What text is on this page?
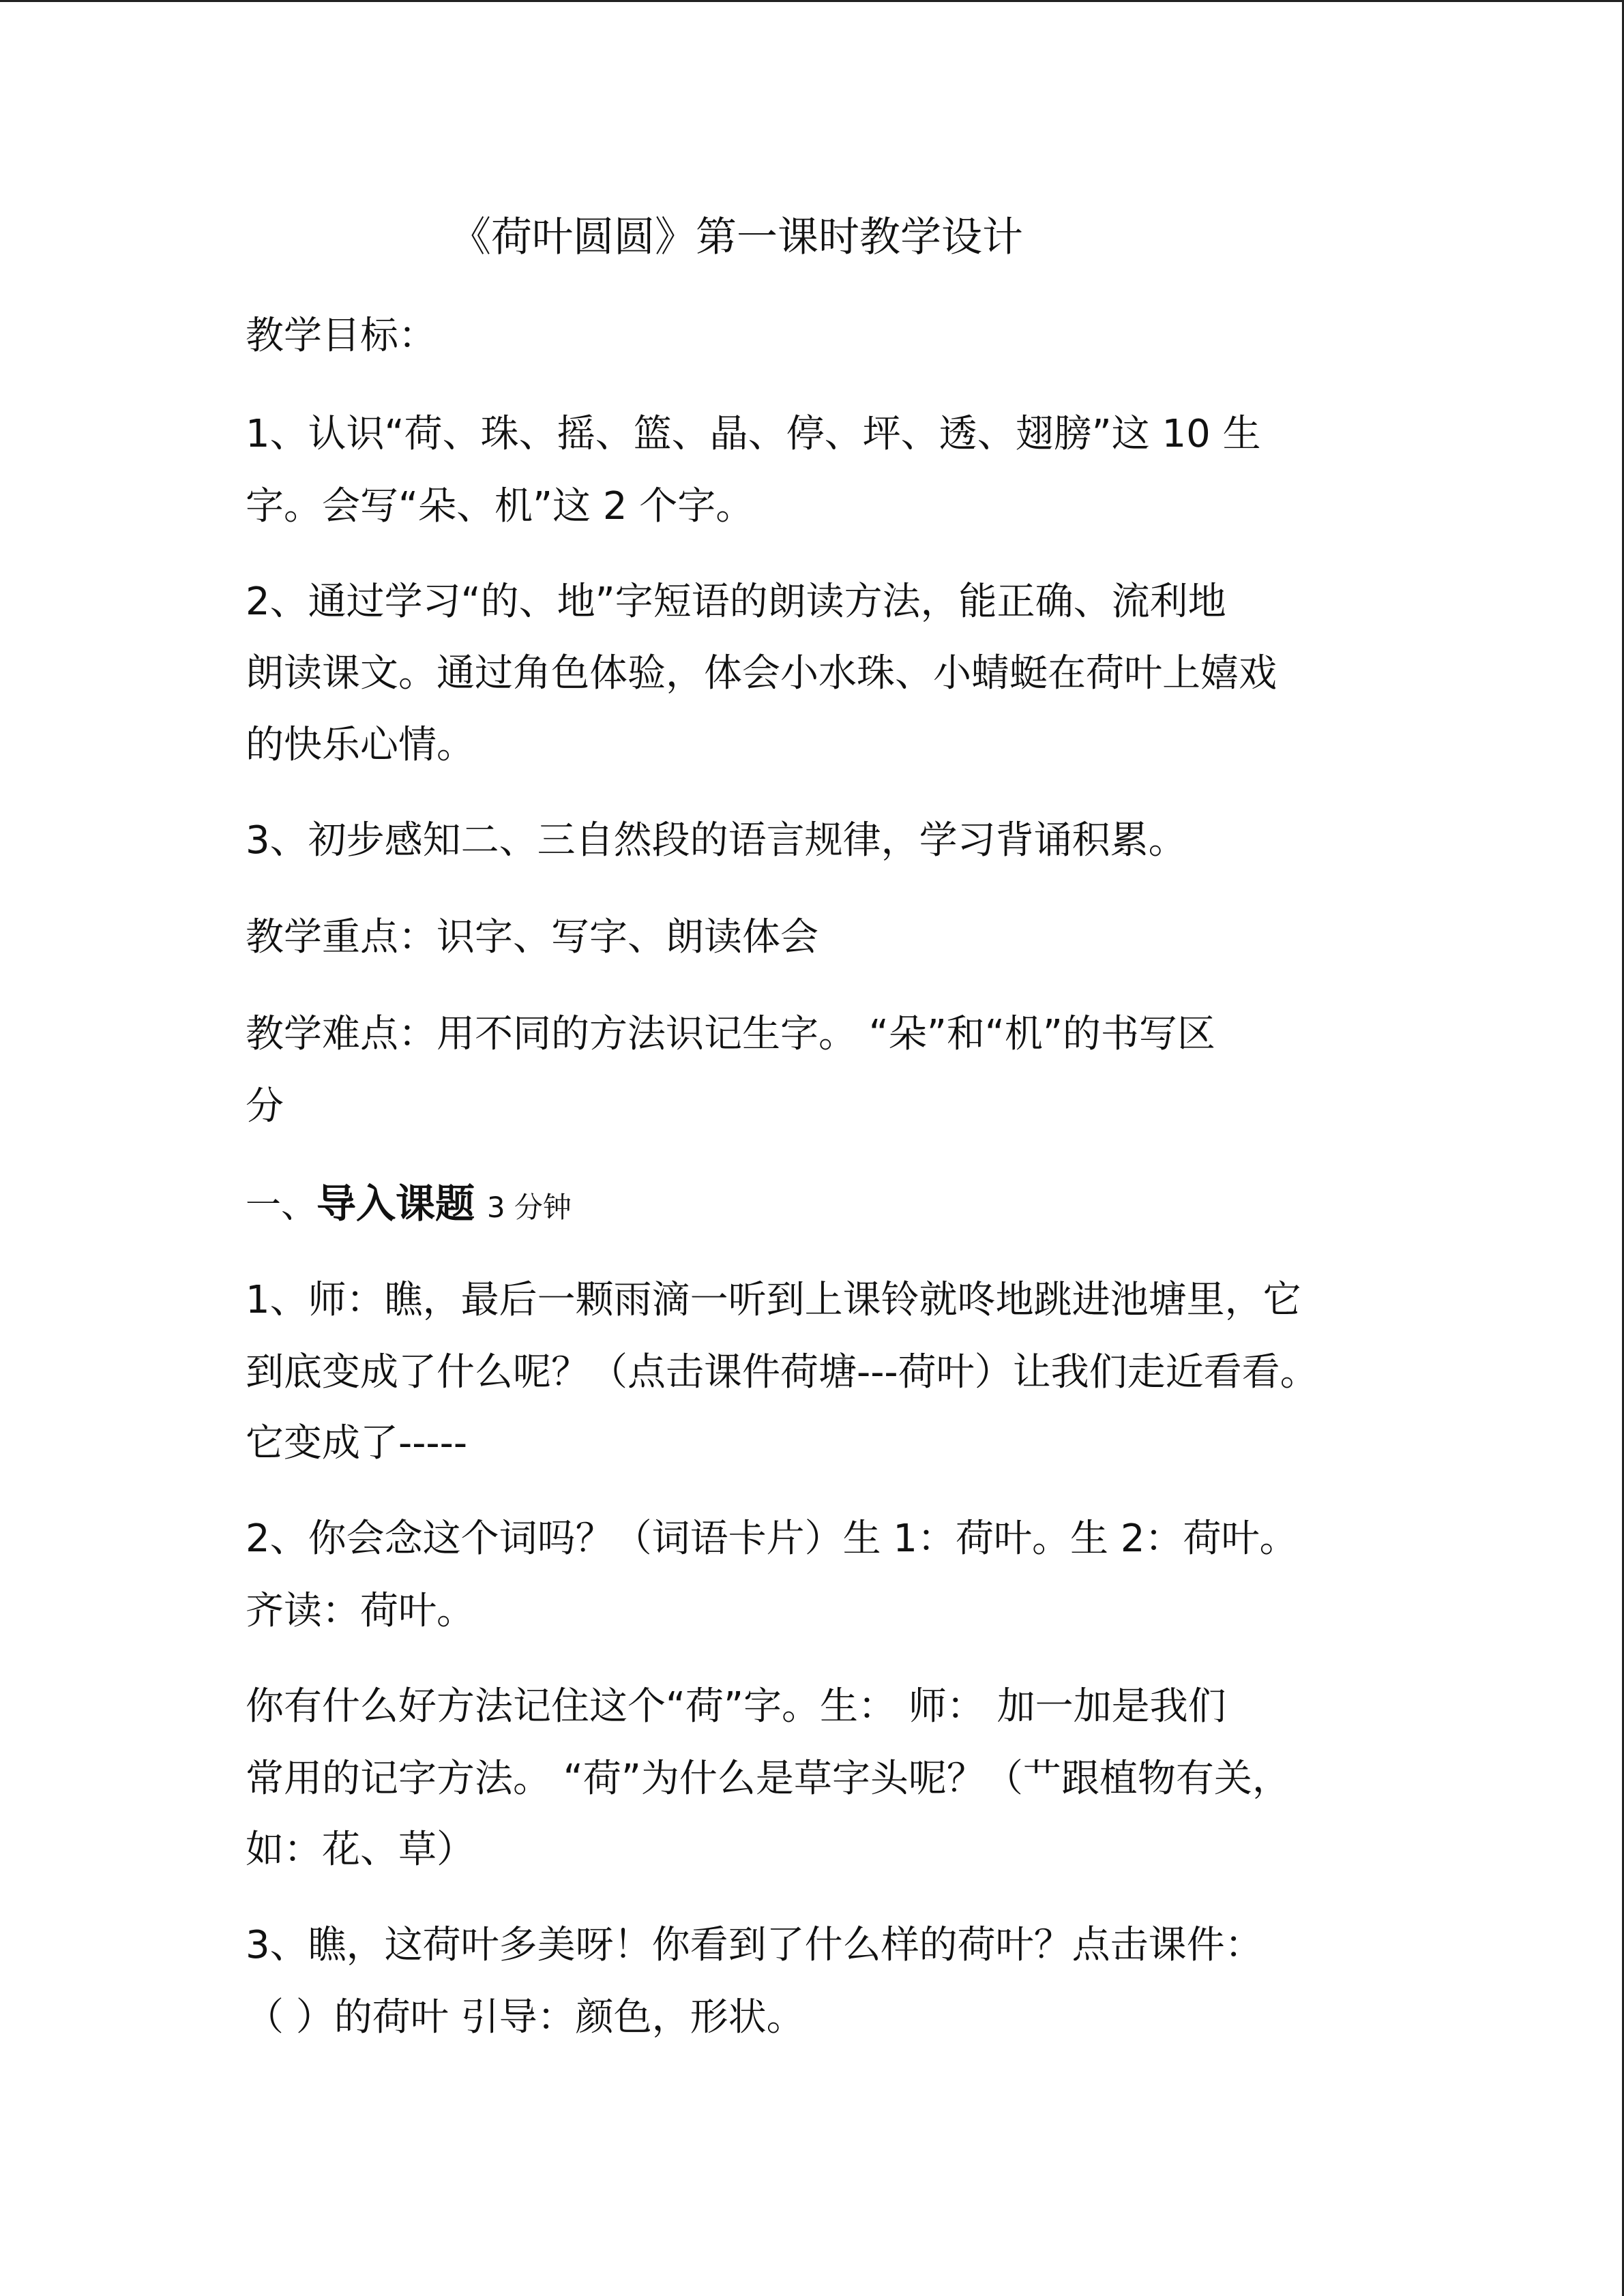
《荷叶圆圆》第一课时教学设计
教学目标：
1、认识“荷、珠、摇、篮、晶、停、坪、透、翅膀”这 10 生
字。会写“朵、机”这 2 个字。
2、通过学习“的、地”字短语的朗读方法，能正确、流利地
朗读课文。通过角色体验，体会小水珠、小蜻蜓在荷叶上嬉戏
的快乐心情。
3、初步感知二、三自然段的语言规律，学习背诵积累。
教学重点：识字、写字、朗读体会
教学难点：用不同的方法识记生字。 “朵”和“机”的书写区
分
一、导入课题 3 分钟
1、师：瞧，最后一颗雨滴一听到上课铃就咚地跳进池塘里，它
到底变成了什么呢？（点击课件荷塘---荷叶）让我们走近看看。
它变成了-----
2、你会念这个词吗？（词语卡片）生 1：荷叶。生 2：荷叶。
齐读：荷叶。
你有什么好方法记住这个“荷”字。生： 师： 加一加是我们
常用的记字方法。 “荷”为什么是草字头呢？（艹跟植物有关，
如：花、草）
3、瞧，这荷叶多美呀！你看到了什么样的荷叶？点击课件：
（ ）的荷叶 引导：颜色，形状。
